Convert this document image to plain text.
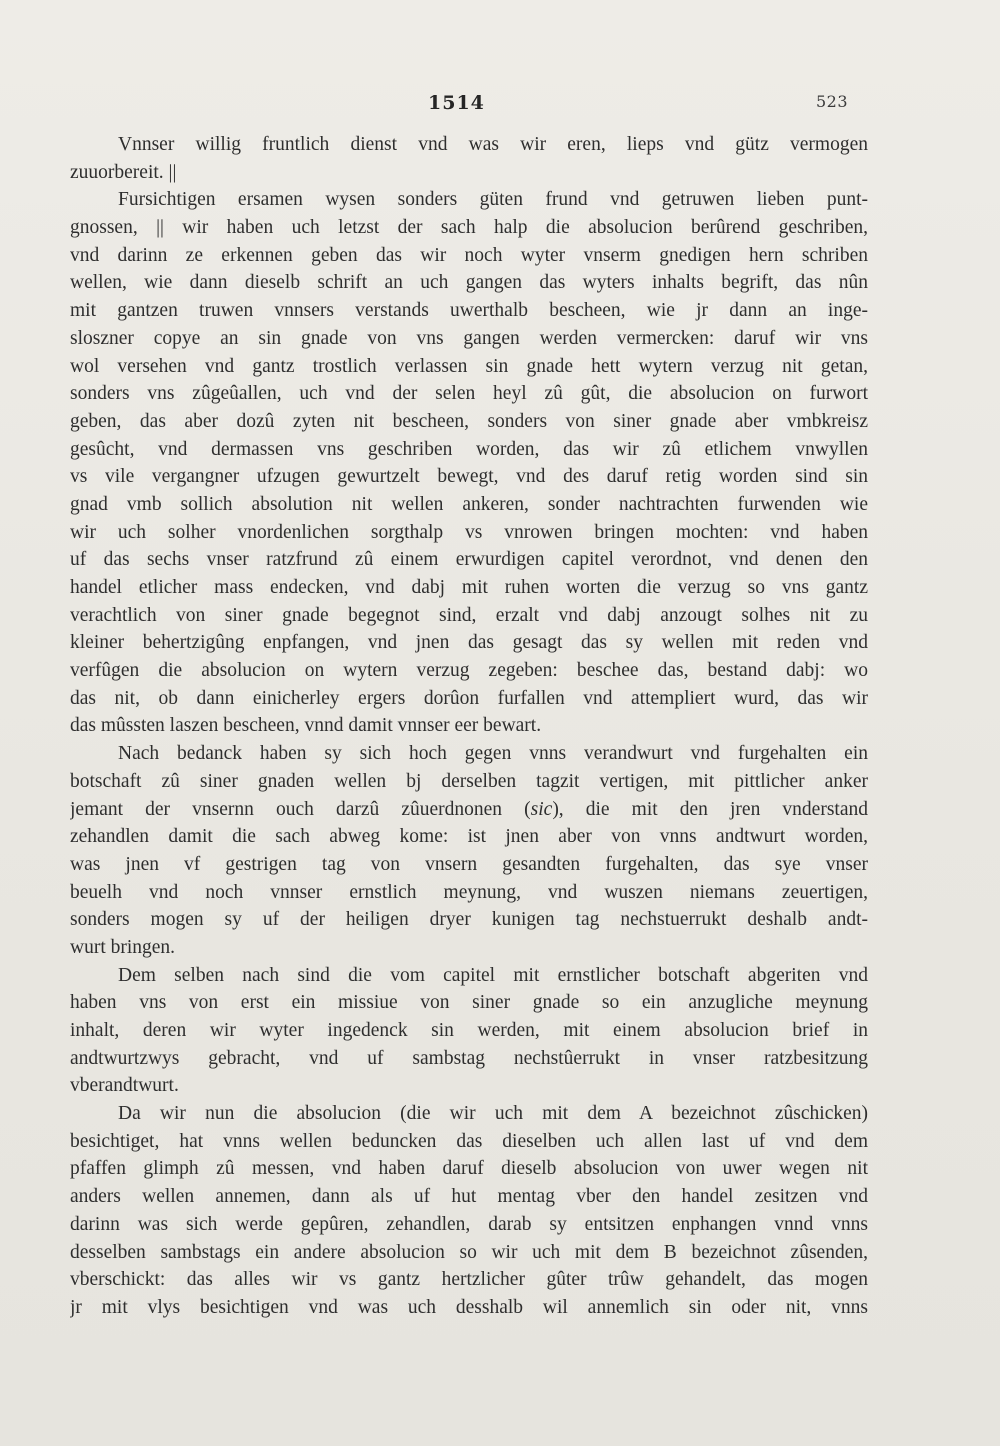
1514	523
Vnnser willig fruntlich dienst vnd was wir eren, lieps vnd gütz vermogen
zuuorbereit. ||
Fursichtigen ersamen wysen sonders güten frund vnd getruwen lieben punt-
gnossen, || wir haben uch letzst der sach halp die absolucion berûrend geschriben,
vnd darinn ze erkennen geben das wir noch wyter vnserm gnedigen hern schriben
wellen, wie dann dieselb schrift an uch gangen das wyters inhalts begrift, das nûn
mit gantzen truwen vnnsers verstands uwerthalb bescheen, wie jr dann an inge-
sloszner copye an sin gnade von vns gangen werden vermercken: daruf wir vns
wol versehen vnd gantz trostlich verlassen sin gnade hett wytern verzug nit getan,
sonders vns zûgeûallen, uch vnd der selen heyl zû gût, die absolucion on furwort
geben, das aber dozû zyten nit bescheen, sonders von siner gnade aber vmbkreisz
gesûcht, vnd dermassen vns geschriben worden, das wir zû etlichem vnwyllen
vs vile vergangner ufzugen gewurtzelt bewegt, vnd des daruf retig worden sind sin
gnad vmb sollich absolution nit wellen ankeren, sonder nachtrachten furwenden wie
wir uch solher vnordenlichen sorgthalp vs vnrowen bringen mochten: vnd haben
uf das sechs vnser ratzfrund zû einem erwurdigen capitel verordnot, vnd denen den
handel etlicher mass endecken, vnd dabj mit ruhen worten die verzug so vns gantz
verachtlich von siner gnade begegnot sind, erzalt vnd dabj anzougt solhes nit zu
kleiner behertzigûng enpfangen, vnd jnen das gesagt das sy wellen mit reden vnd
verfûgen die absolucion on wytern verzug zegeben: beschee das, bestand dabj: wo
das nit, ob dann einicherley ergers dorûon furfallen vnd attempliert wurd, das wir
das mûssten laszen bescheen, vnnd damit vnnser eer bewart.
Nach bedanck haben sy sich hoch gegen vnns verandwurt vnd furgehalten ein
botschaft zû siner gnaden wellen bj derselben tagzit vertigen, mit pittlicher anker
jemant der vnsernn ouch darzû zûuerdnonen (sic), die mit den jren vnderstand
zehandlen damit die sach abweg kome: ist jnen aber von vnns andtwurt worden,
was jnen vf gestrigen tag von vnsern gesandten furgehalten, das sye vnser
beuelh vnd noch vnnser ernstlich meynung, vnd wuszen niemans zeuertigen,
sonders mogen sy uf der heiligen dryer kunigen tag nechstuerrukt deshalb andt-
wurt bringen.
Dem selben nach sind die vom capitel mit ernstlicher botschaft abgeriten vnd
haben vns von erst ein missiue von siner gnade so ein anzugliche meynung
inhalt, deren wir wyter ingedenck sin werden, mit einem absolucion brief in
andtwurtzwys gebracht, vnd uf sambstag nechstûerrukt in vnser ratzbesitzung
vberandtwurt.
Da wir nun die absolucion (die wir uch mit dem A bezeichnot zûschicken)
besichtiget, hat vnns wellen beduncken das dieselben uch allen last uf vnd dem
pfaffen glimph zû messen, vnd haben daruf dieselb absolucion von uwer wegen nit
anders wellen annemen, dann als uf hut mentag vber den handel zesitzen vnd
darinn was sich werde gepûren, zehandlen, darab sy entsitzen enphangen vnnd vnns
desselben sambstags ein andere absolucion so wir uch mit dem B bezeichnot zûsenden,
vberschickt: das alles wir vs gantz hertzlicher gûter trûw gehandelt, das mogen
jr mit vlys besichtigen vnd was uch desshalb wil annemlich sin oder nit, vnns
